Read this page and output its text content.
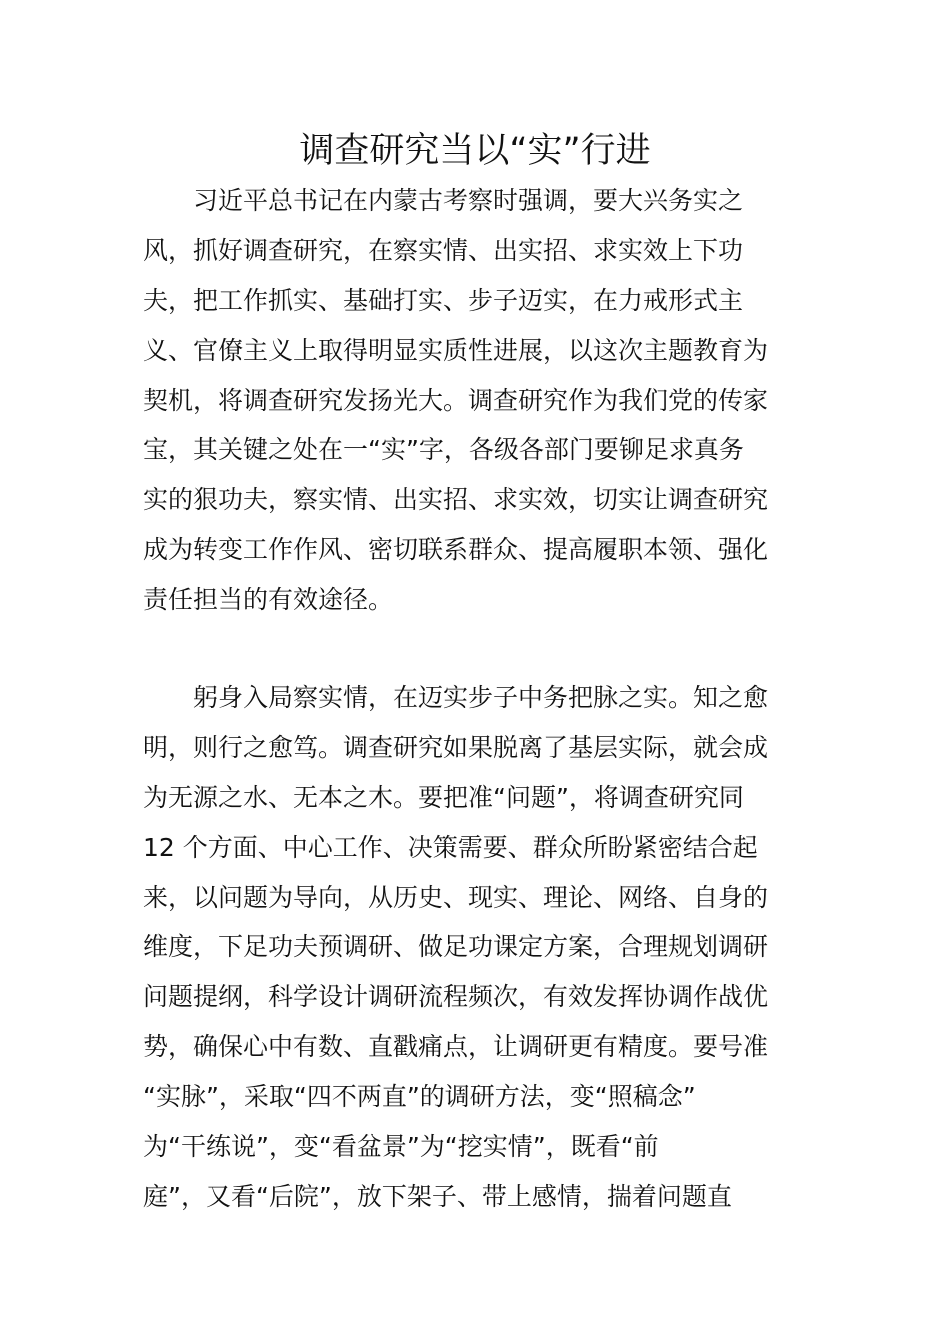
调查研究当以“实”行进
　　习近平总书记在内蒙古考察时强调，要大兴务实之
风，抓好调查研究，在察实情、出实招、求实效上下功
夫，把工作抓实、基础打实、步子迈实，在力戒形式主
义、官僚主义上取得明显实质性进展，以这次主题教育为
契机，将调查研究发扬光大。调查研究作为我们党的传家
宝，其关键之处在一“实”字，各级各部门要铆足求真务
实的狠功夫，察实情、出实招、求实效，切实让调查研究
成为转变工作作风、密切联系群众、提高履职本领、强化
责任担当的有效途径。
　　躬身入局察实情，在迈实步子中务把脉之实。知之愈
明，则行之愈笃。调查研究如果脱离了基层实际，就会成
为无源之水、无本之木。要把准“问题”，将调查研究同
12 个方面、中心工作、决策需要、群众所盼紧密结合起
来，以问题为导向，从历史、现实、理论、网络、自身的
维度，下足功夫预调研、做足功课定方案，合理规划调研
问题提纲，科学设计调研流程频次，有效发挥协调作战优
势，确保心中有数、直戳痛点，让调研更有精度。要号准
“实脉”，采取“四不两直”的调研方法，变“照稿念”
为“干练说”，变“看盆景”为“挖实情”，既看“前
庭”，又看“后院”，放下架子、带上感情，揣着问题直
